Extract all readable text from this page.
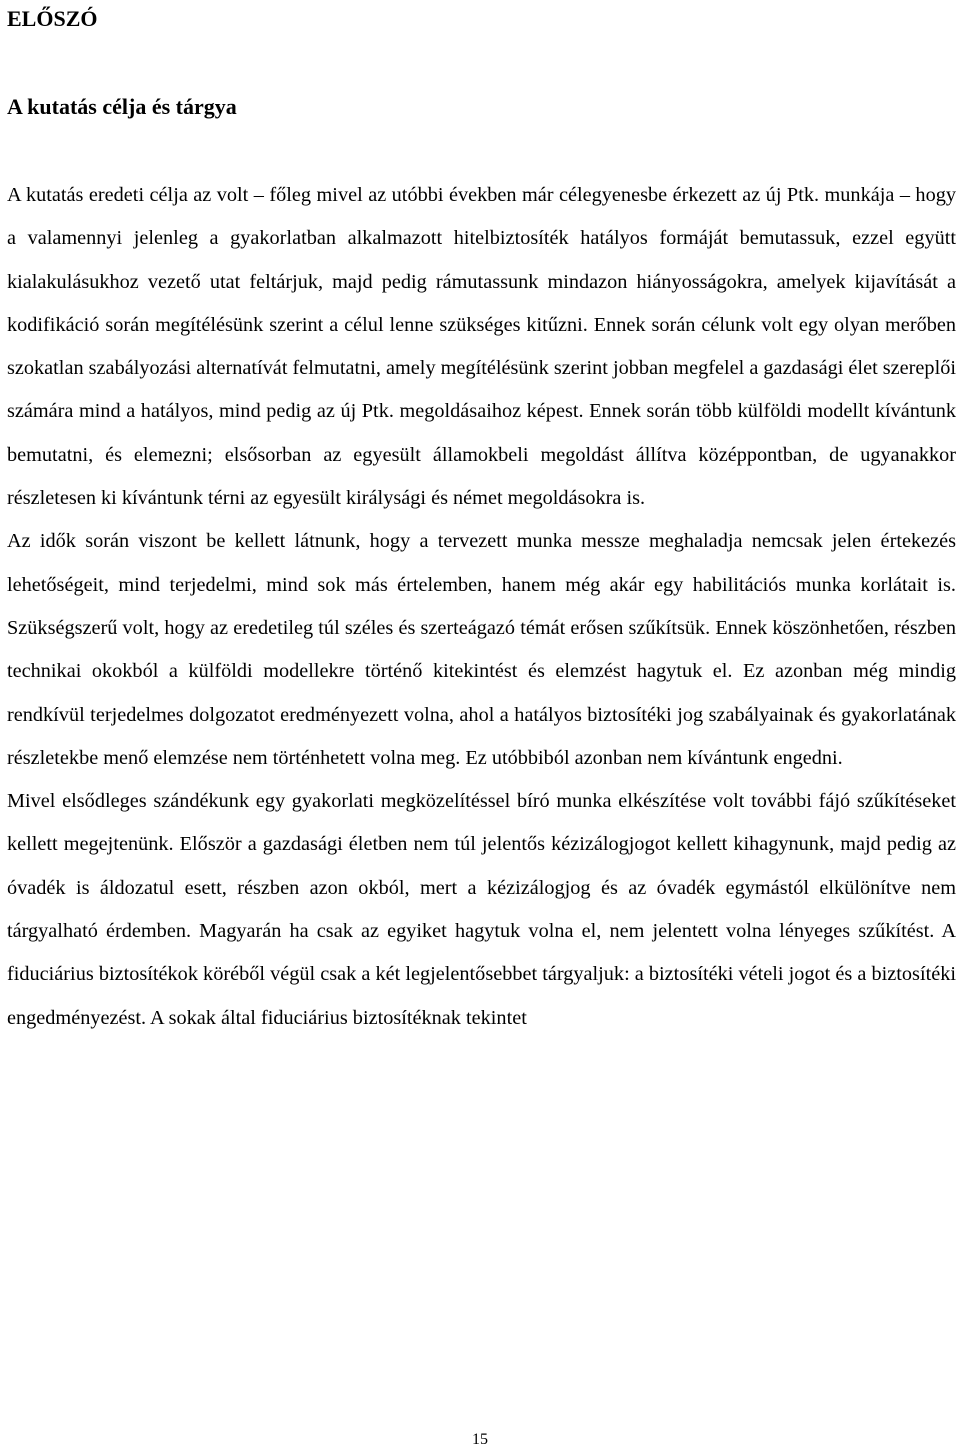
ELŐSZÓ
A kutatás célja és tárgya

A kutatás eredeti célja az volt – főleg mivel az utóbbi években már célegyenesbe érkezett az új Ptk. munkája – hogy a valamennyi jelenleg a gyakorlatban alkalmazott hitelbiztosíték hatályos formáját bemutassuk, ezzel együtt kialakulásukhoz vezető utat feltárjuk, majd pedig rámutassunk mindazon hiányosságokra, amelyek kijavítását a kodifikáció során megítélésünk szerint a célul lenne szükséges kitűzni. Ennek során célunk volt egy olyan merőben szokatlan szabályozási alternatívát felmutatni, amely megítélésünk szerint jobban megfelel a gazdasági élet szereplői számára mind a hatályos, mind pedig az új Ptk. megoldásaihoz képest. Ennek során több külföldi modellt kívántunk bemutatni, és elemezni; elsősorban az egyesült államokbeli megoldást állítva középpontban, de ugyanakkor részletesen ki kívántunk térni az egyesült királysági és német megoldásokra is.

Az idők során viszont be kellett látnunk, hogy a tervezett munka messze meghaladja nemcsak jelen értekezés lehetőségeit, mind terjedelmi, mind sok más értelemben, hanem még akár egy habilitációs munka korlátait is. Szükségszerű volt, hogy az eredetileg túl széles és szerteágazó témát erősen szűkítsük. Ennek köszönhetően, részben technikai okokból a külföldi modellekre történő kitekintést és elemzést hagytuk el. Ez azonban még mindig rendkívül terjedelmes dolgozatot eredményezett volna, ahol a hatályos biztosítéki jog szabályainak és gyakorlatának részletekbe menő elemzése nem történhetett volna meg. Ez utóbbiból azonban nem kívántunk engedni.

Mivel elsődleges szándékunk egy gyakorlati megközelítéssel bíró munka elkészítése volt további fájó szűkítéseket kellett megejtenünk. Először a gazdasági életben nem túl jelentős kézizálogjogot kellett kihagynunk, majd pedig az óvadék is áldozatul esett, részben azon okból, mert a kézizálogjog és az óvadék egymástól elkülönítve nem tárgyalható érdemben. Magyarán ha csak az egyiket hagytuk volna el, nem jelentett volna lényeges szűkítést. A fiduciárius biztosítékok köréből végül csak a két legjelentősebbet tárgyaljuk: a biztosítéki vételi jogot és a biztosítéki engedményezést. A sokak által fiduciárius biztosítéknak tekintet

15
